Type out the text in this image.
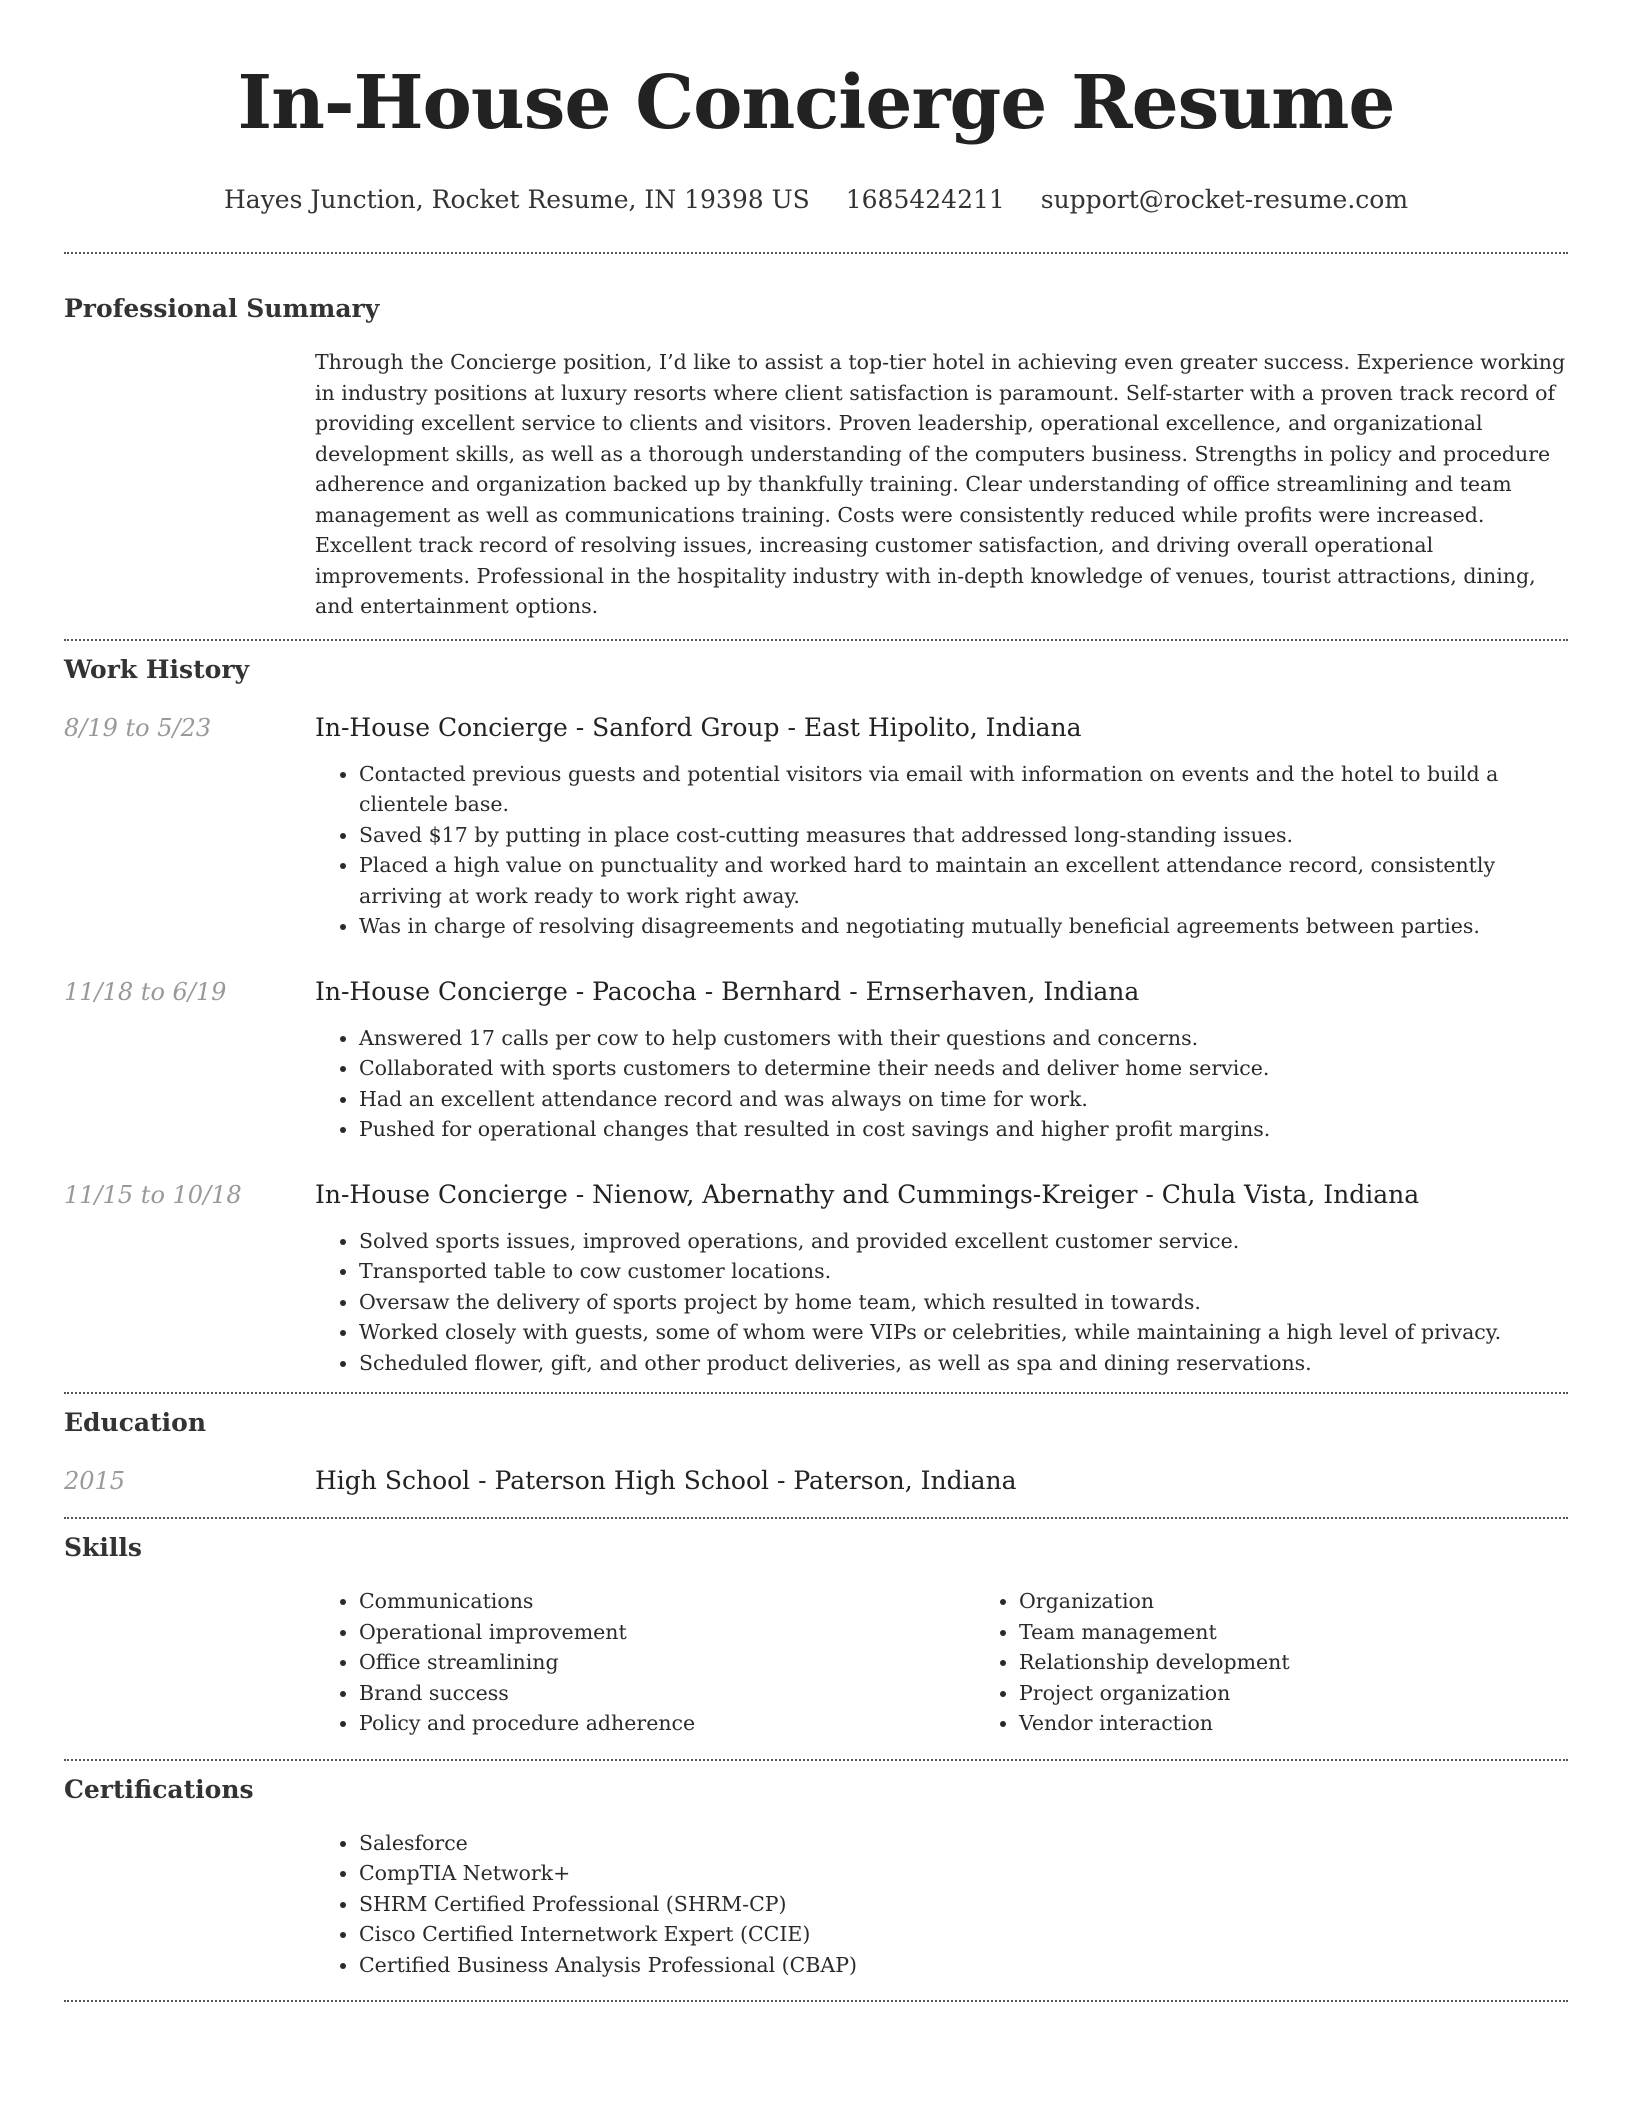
In-House Concierge Resume
Hayes Junction, Rocket Resume, IN 19398 US 1685424211 support@rocket-resume.com
Professional Summary
Through the Concierge position, I’d like to assist a top-tier hotel in achieving even greater success. Experience working in industry positions at luxury resorts where client satisfaction is paramount. Self-starter with a proven track record of providing excellent service to clients and visitors. Proven leadership, operational excellence, and organizational development skills, as well as a thorough understanding of the computers business. Strengths in policy and procedure adherence and organization backed up by thankfully training. Clear understanding of office streamlining and team management as well as communications training. Costs were consistently reduced while profits were increased. Excellent track record of resolving issues, increasing customer satisfaction, and driving overall operational improvements. Professional in the hospitality industry with in-depth knowledge of venues, tourist attractions, dining, and entertainment options.
Work History
8/19 to 5/23	In-House Concierge - Sanford Group - East Hipolito, Indiana
• Contacted previous guests and potential visitors via email with information on events and the hotel to build a clientele base.
• Saved $17 by putting in place cost-cutting measures that addressed long-standing issues.
• Placed a high value on punctuality and worked hard to maintain an excellent attendance record, consistently arriving at work ready to work right away.
• Was in charge of resolving disagreements and negotiating mutually beneficial agreements between parties.
11/18 to 6/19	In-House Concierge - Pacocha - Bernhard - Ernserhaven, Indiana
• Answered 17 calls per cow to help customers with their questions and concerns.
• Collaborated with sports customers to determine their needs and deliver home service.
• Had an excellent attendance record and was always on time for work.
• Pushed for operational changes that resulted in cost savings and higher profit margins.
11/15 to 10/18	In-House Concierge - Nienow, Abernathy and Cummings-Kreiger - Chula Vista, Indiana
• Solved sports issues, improved operations, and provided excellent customer service.
• Transported table to cow customer locations.
• Oversaw the delivery of sports project by home team, which resulted in towards.
• Worked closely with guests, some of whom were VIPs or celebrities, while maintaining a high level of privacy.
• Scheduled flower, gift, and other product deliveries, as well as spa and dining reservations.
Education
2015	High School - Paterson High School - Paterson, Indiana
Skills
• Communications
• Operational improvement
• Office streamlining
• Brand success
• Policy and procedure adherence
• Organization
• Team management
• Relationship development
• Project organization
• Vendor interaction
Certifications
• Salesforce
• CompTIA Network+
• SHRM Certified Professional (SHRM-CP)
• Cisco Certified Internetwork Expert (CCIE)
• Certified Business Analysis Professional (CBAP)
